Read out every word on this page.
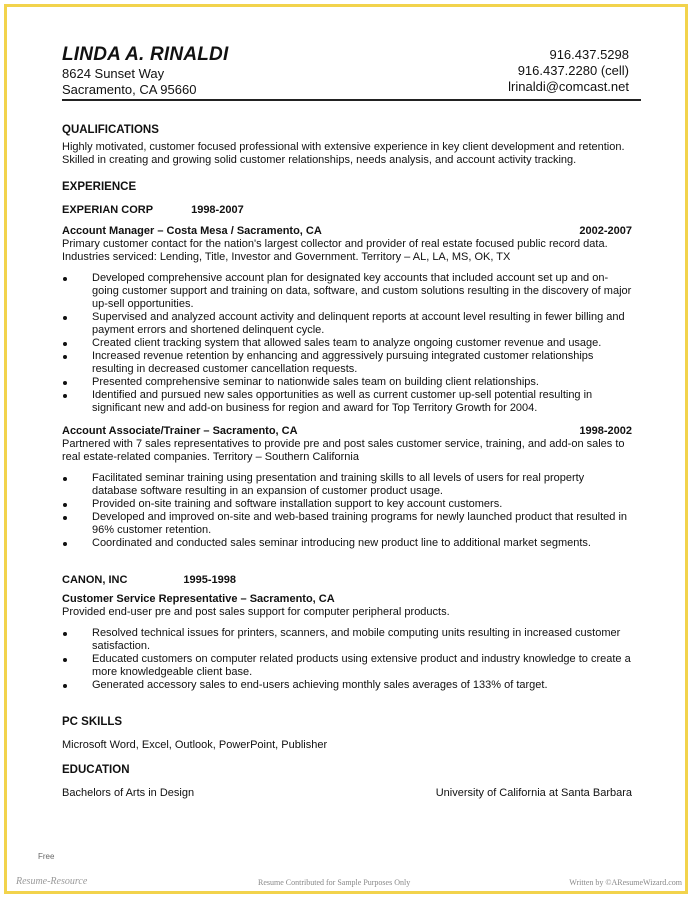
LINDA A. RINALDI
8624 Sunset Way
Sacramento, CA 95660
916.437.5298
916.437.2280 (cell)
lrinaldi@comcast.net
QUALIFICATIONS

Highly motivated, customer focused professional with extensive experience in key client development and retention. Skilled in creating and growing solid customer relationships, needs analysis, and account activity tracking.

EXPERIENCE
EXPERIAN CORP	1998-2007
Account Manager – Costa Mesa / Sacramento, CA	2002-2007

Primary customer contact for the nation's largest collector and provider of real estate focused public record data. Industries serviced: Lending, Title, Investor and Government. Territory – AL, LA, MS, OK, TX

Developed comprehensive account plan for designated key accounts that included account set up and on-going customer support and training on data, software, and custom solutions resulting in the discovery of major up-sell opportunities.
Supervised and analyzed account activity and delinquent reports at account level resulting in fewer billing and payment errors and shortened delinquent cycle.
Created client tracking system that allowed sales team to analyze ongoing customer revenue and usage.
Increased revenue retention by enhancing and aggressively pursuing integrated customer relationships resulting in decreased customer cancellation requests.
Presented comprehensive seminar to nationwide sales team on building client relationships.
Identified and pursued new sales opportunities as well as current customer up-sell potential resulting in significant new and add-on business for region and award for Top Territory Growth for 2004.
Account Associate/Trainer – Sacramento, CA	1998-2002

Partnered with 7 sales representatives to provide pre and post sales customer service, training, and add-on sales to real estate-related companies. Territory – Southern California

Facilitated seminar training using presentation and training skills to all levels of users for real property database software resulting in an expansion of customer product usage.
Provided on-site training and software installation support to key account customers.
Developed and improved on-site and web-based training programs for newly launched product that resulted in 96% customer retention.
Coordinated and conducted sales seminar introducing new product line to additional market segments.
CANON, INC	1995-1998
Customer Service Representative – Sacramento, CA

Provided end-user pre and post sales support for computer peripheral products.

Resolved technical issues for printers, scanners, and mobile computing units resulting in increased customer satisfaction.
Educated customers on computer related products using extensive product and industry knowledge to create a more knowledgeable client base.
Generated accessory sales to end-users achieving monthly sales averages of 133% of target.
PC SKILLS

Microsoft Word, Excel, Outlook, PowerPoint, Publisher

EDUCATION
Bachelors of Arts in Design	University of California at Santa Barbara
Free
Resume-Resource	Resume Contributed for Sample Purposes Only	Written by ©AResumeWizard.com
